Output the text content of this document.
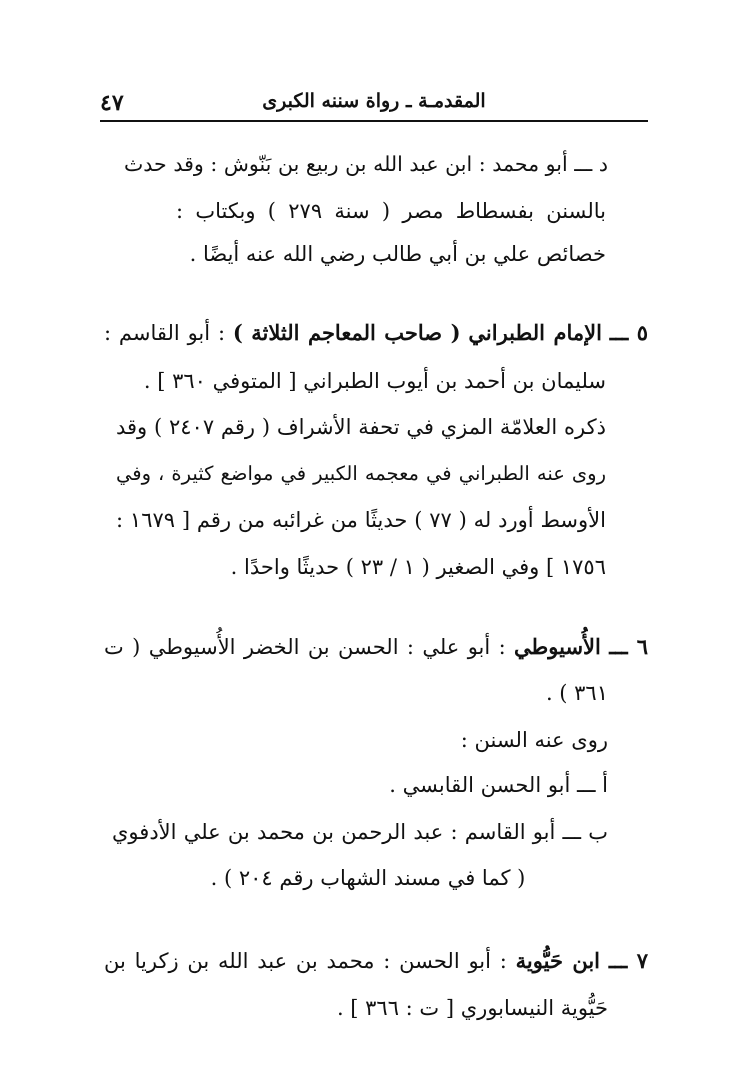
٤٧	المقدمـة ـ رواة سننه الكبرى
د ـــ أبو محمد : ابن عبد الله بن ربيع بن بَنّوش : وقد حدث
بالسنن بفسطاط مصر ( سنة ٢٧٩ ) وبكتاب :
خصائص علي بن أبي طالب رضي الله عنه أيضًا .
٥ ـــ الإمام الطبراني ( صاحب المعاجم الثلاثة ) : أبو القاسم :
سليمان بن أحمد بن أيوب الطبراني [ المتوفي ٣٦٠ ] .
ذكره العلامّة المزي في تحفة الأشراف ( رقم ٢٤٠٧ ) وقد
روى عنه الطبراني في معجمه الكبير في مواضع كثيرة ، وفي
الأوسط أورد له ( ٧٧ ) حديثًا من غرائبه من رقم [ ١٦٧٩ :
١٧٥٦ ] وفي الصغير ( ١ / ٢٣ ) حديثًا واحدًا .
٦ ـــ الأُسيوطي : أبو علي : الحسن بن الخضر الأُسيوطي ( ت
٣٦١ ) .
روى عنه السنن :
أ ـــ أبو الحسن القابسي .
ب ـــ أبو القاسم : عبد الرحمن بن محمد بن علي الأدفوي
( كما في مسند الشهاب رقم ٢٠٤ ) .
٧ ـــ ابن حَيُّوية : أبو الحسن : محمد بن عبد الله بن زكريا بن
حَيُّوية النيسابوري [ ت : ٣٦٦ ] .
